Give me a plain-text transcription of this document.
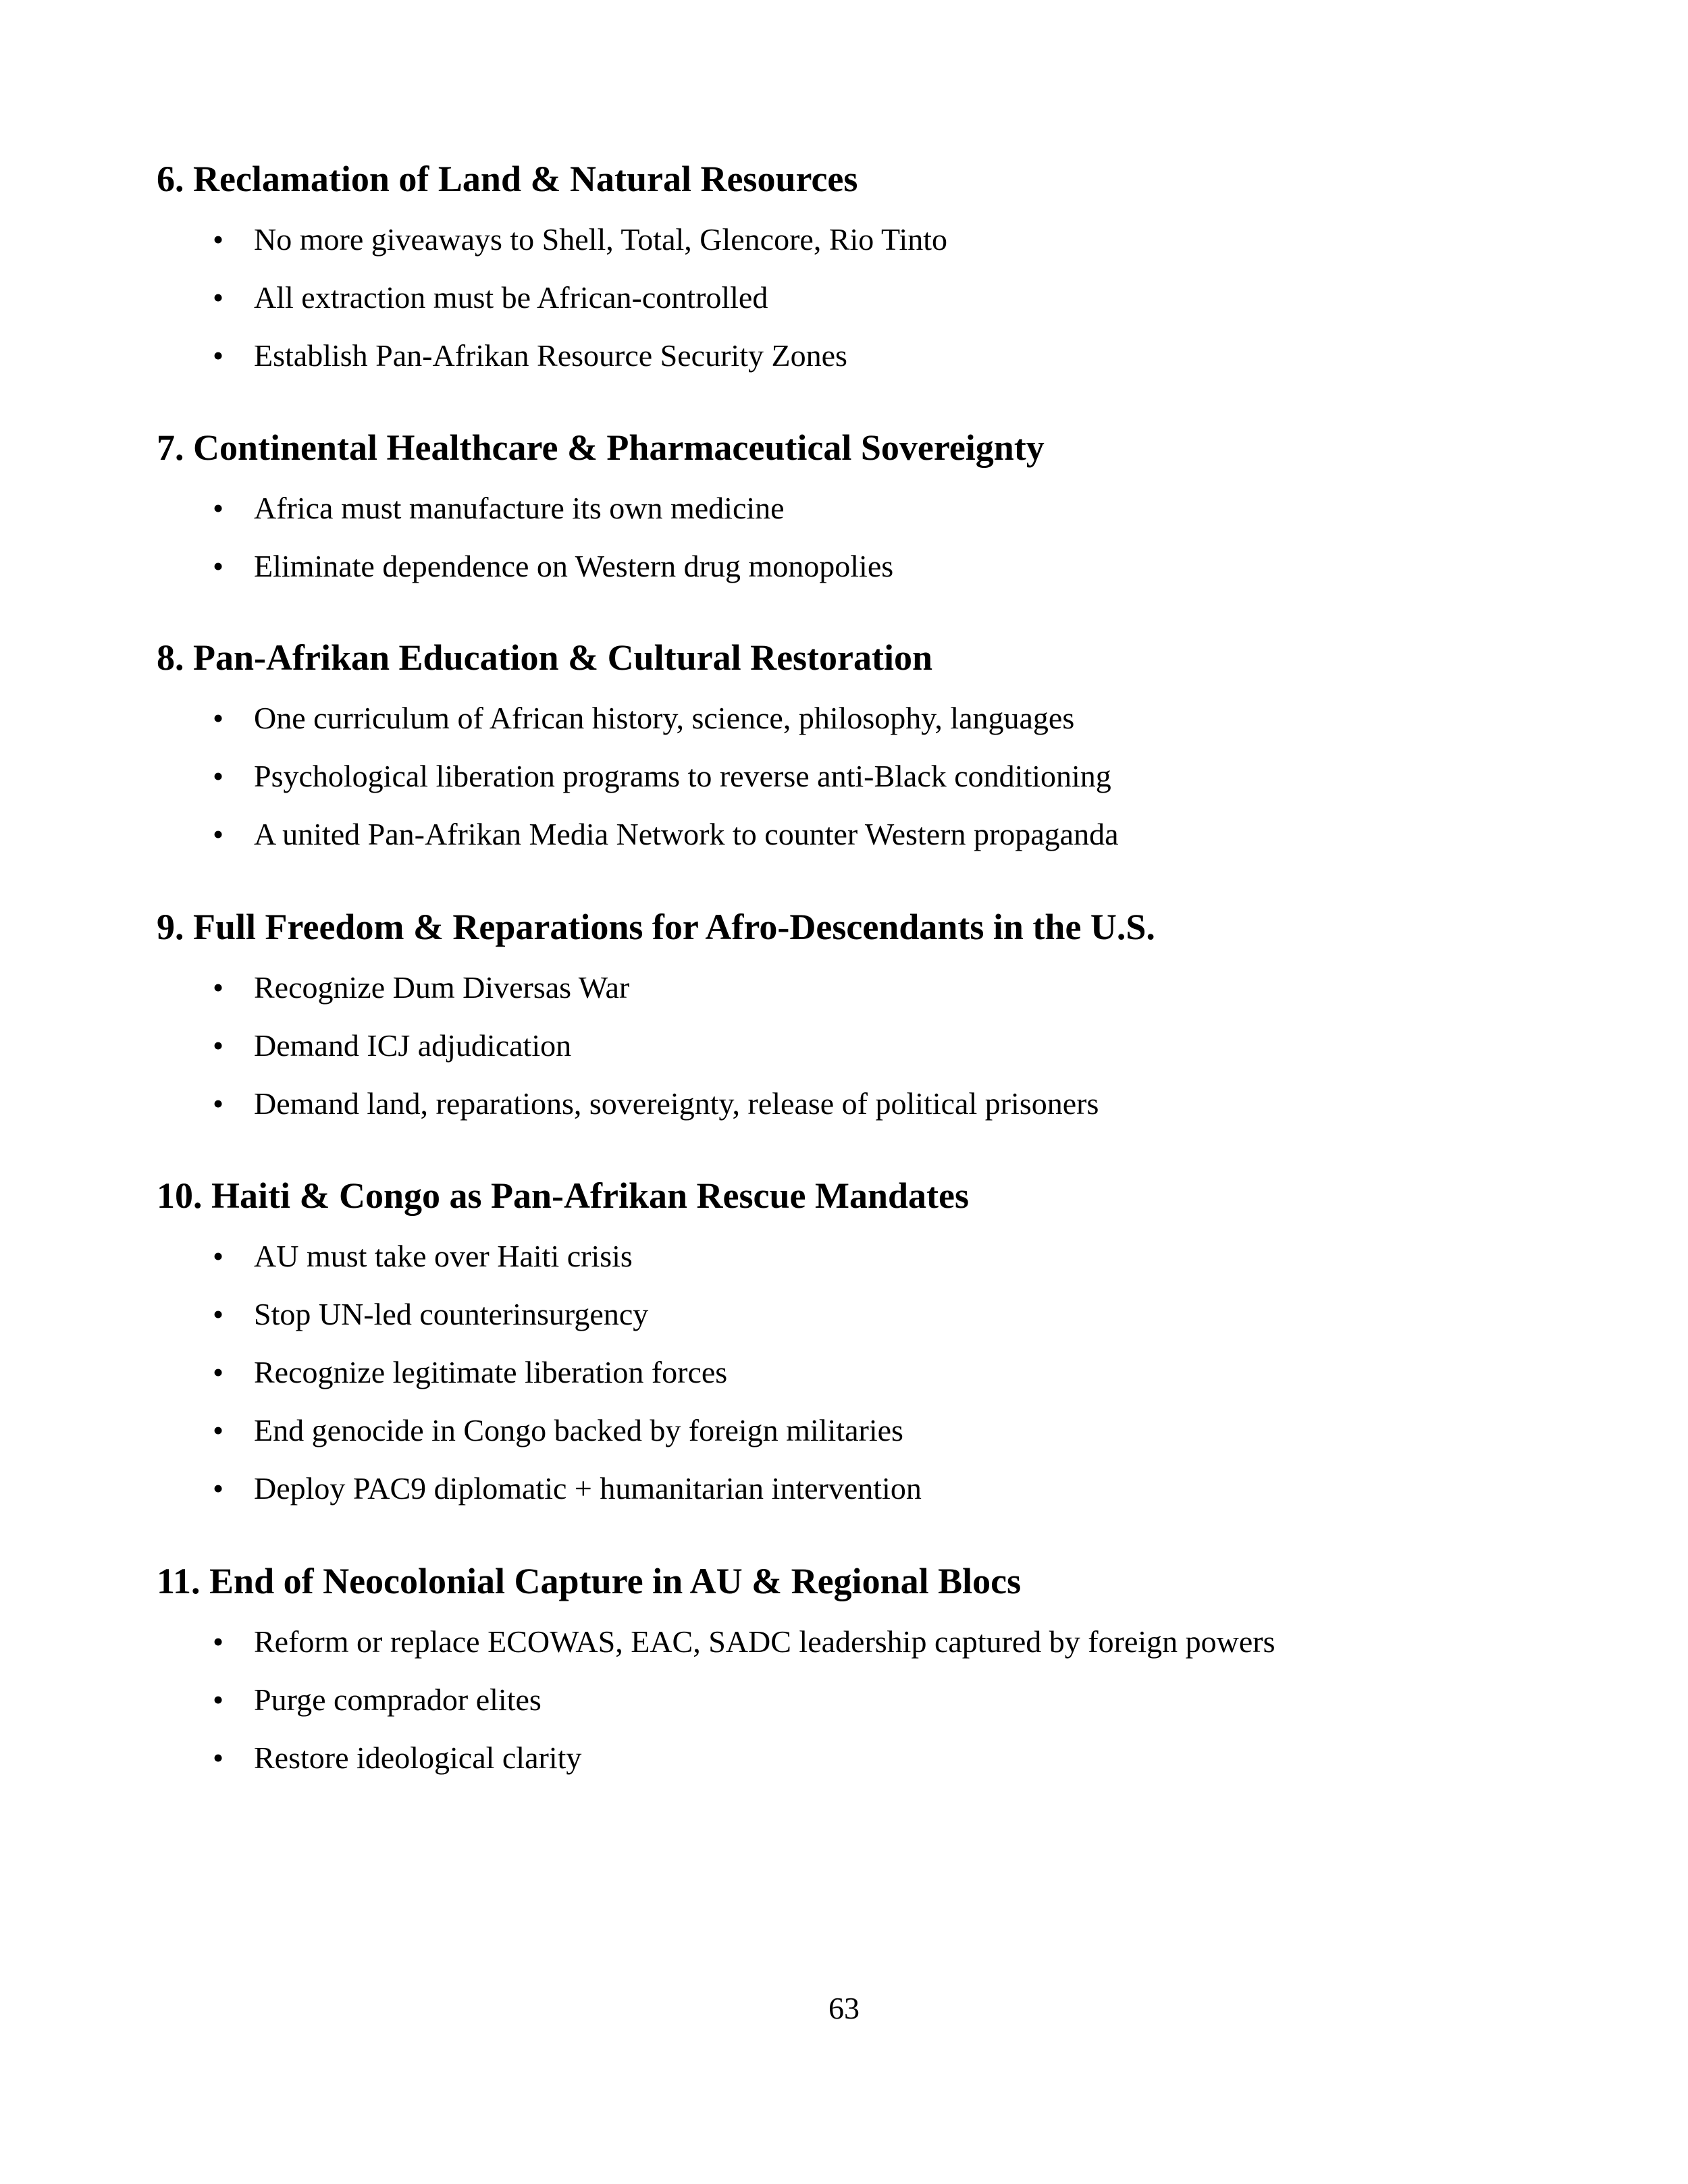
6. Reclamation of Land & Natural Resources
• No more giveaways to Shell, Total, Glencore, Rio Tinto
• All extraction must be African-controlled
• Establish Pan-Afrikan Resource Security Zones
7. Continental Healthcare & Pharmaceutical Sovereignty
• Africa must manufacture its own medicine
• Eliminate dependence on Western drug monopolies
8. Pan-Afrikan Education & Cultural Restoration
• One curriculum of African history, science, philosophy, languages
• Psychological liberation programs to reverse anti-Black conditioning
• A united Pan-Afrikan Media Network to counter Western propaganda
9. Full Freedom & Reparations for Afro-Descendants in the U.S.
• Recognize Dum Diversas War
• Demand ICJ adjudication
• Demand land, reparations, sovereignty, release of political prisoners
10. Haiti & Congo as Pan-Afrikan Rescue Mandates
• AU must take over Haiti crisis
• Stop UN-led counterinsurgency
• Recognize legitimate liberation forces
• End genocide in Congo backed by foreign militaries
• Deploy PAC9 diplomatic + humanitarian intervention
11. End of Neocolonial Capture in AU & Regional Blocs
• Reform or replace ECOWAS, EAC, SADC leadership captured by foreign powers
• Purge comprador elites
• Restore ideological clarity
63
